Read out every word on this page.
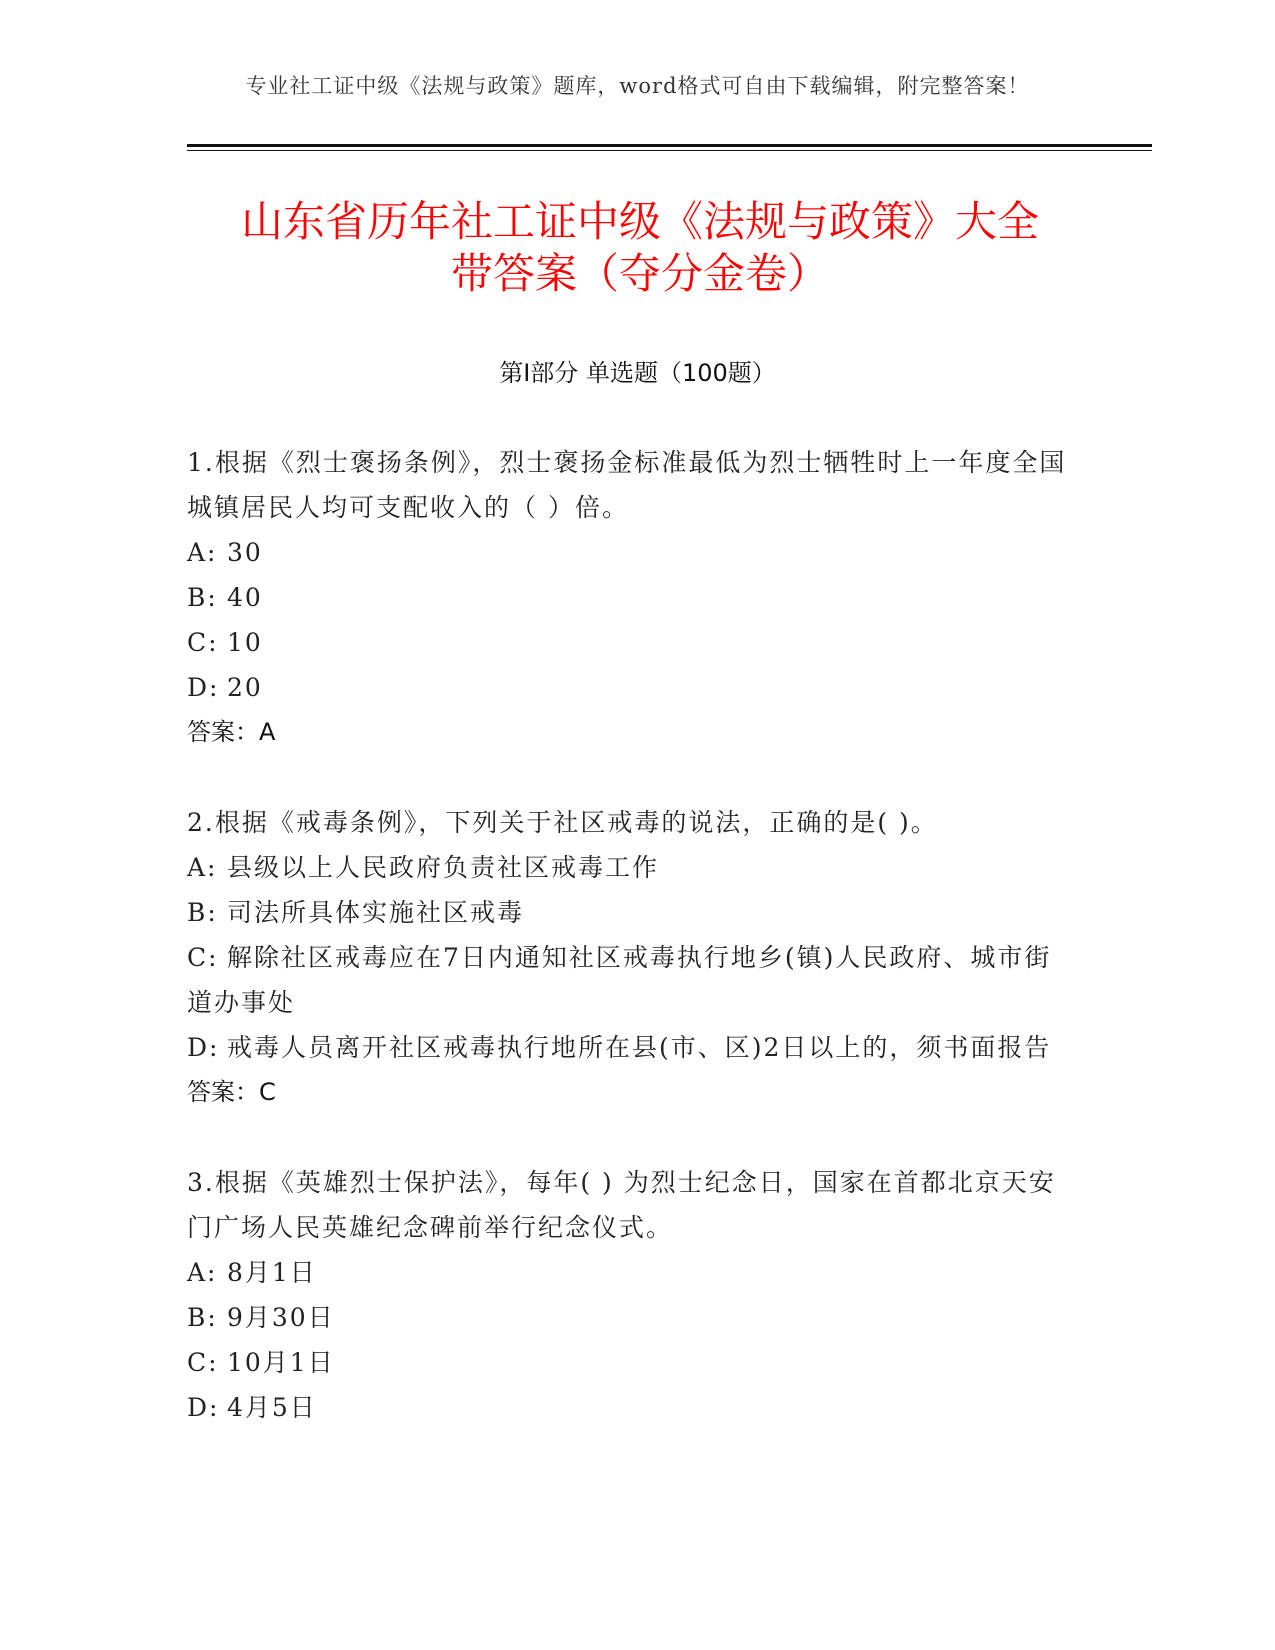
专业社工证中级《法规与政策》题库，word格式可自由下载编辑，附完整答案！
山东省历年社工证中级《法规与政策》大全
带答案（夺分金卷）
第Ⅰ部分 单选题（100题）
1.根据《烈士褒扬条例》，烈士褒扬金标准最低为烈士牺牲时上一年度全国城镇居民人均可支配收入的（ ）倍。
A: 30
B: 40
C: 10
D: 20
答案：A
2.根据《戒毒条例》，下列关于社区戒毒的说法，正确的是( )。
A: 县级以上人民政府负责社区戒毒工作
B: 司法所具体实施社区戒毒
C: 解除社区戒毒应在7日内通知社区戒毒执行地乡(镇)人民政府、城市街道办事处
D: 戒毒人员离开社区戒毒执行地所在县(市、区)2日以上的，须书面报告
答案：C
3.根据《英雄烈士保护法》，每年( ) 为烈士纪念日，国家在首都北京天安门广场人民英雄纪念碑前举行纪念仪式。
A: 8月1日
B: 9月30日
C: 10月1日
D: 4月5日
